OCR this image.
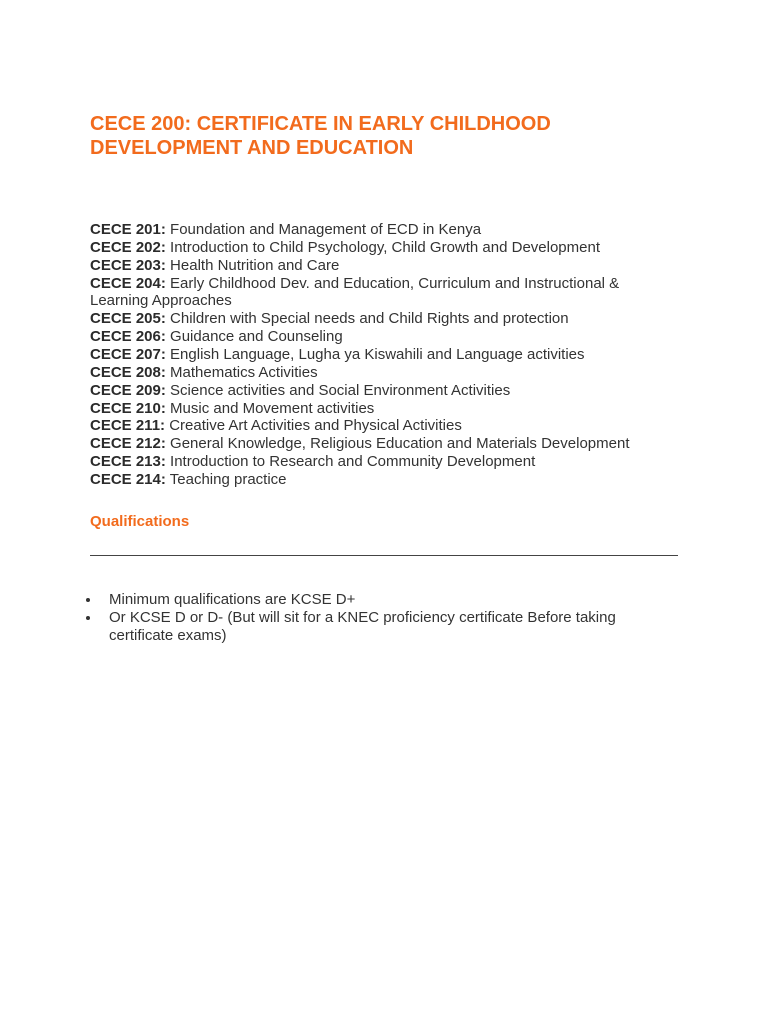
CECE 200: CERTIFICATE IN EARLY CHILDHOOD DEVELOPMENT AND EDUCATION
CECE 201: Foundation and Management of ECD in Kenya
CECE 202: Introduction to Child Psychology, Child Growth and Development
CECE 203: Health Nutrition and Care
CECE 204: Early Childhood Dev. and Education, Curriculum and Instructional & Learning Approaches
CECE 205: Children with Special needs and Child Rights and protection
CECE 206: Guidance and Counseling
CECE 207: English Language, Lugha ya Kiswahili and Language activities
CECE 208: Mathematics Activities
CECE 209: Science activities and Social Environment Activities
CECE 210: Music and Movement activities
CECE 211: Creative Art Activities and Physical Activities
CECE 212: General Knowledge, Religious Education and Materials Development
CECE 213: Introduction to Research and Community Development
CECE 214: Teaching practice
Qualifications
Minimum qualifications are KCSE D+
Or KCSE D or D- (But will sit for a KNEC proficiency certificate Before taking certificate exams)
